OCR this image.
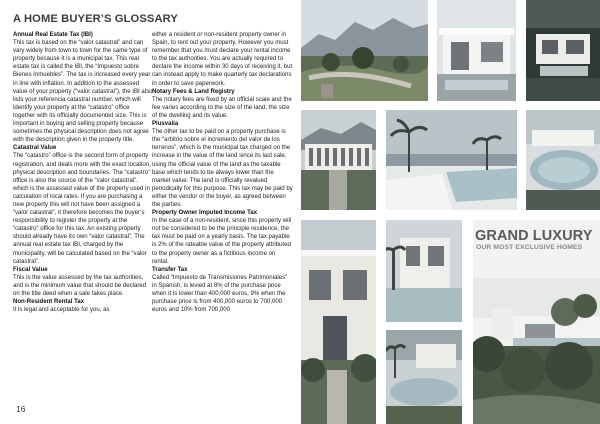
A HOME BUYER’S GLOSSARY
Annual Real Estate Tax (IBI)
This tax is based on the “valor catastral” and can vary widely from town to town for the same type of property because it is a municipal tax. This real estate tax is called the IBI, the “Impuesto sobre Bienes Inmuebles”. The tax is increased every year in line with inflation. In addition to the assessed value of your property (“valor catastral”), the IBI also lists your referencia catastral number, which will identify your property at the “catastro” office together with its officially documented size. This is important in buying and selling property because sometimes the physical description does not agree with the description given in the property title.
Catastral Value
The “catastro” office is the second form of property registration, and deals more with the exact location, physical description and boundaries. The “catastro” office is also the source of the “valor catastral”, which is the assessed value of the property used in calculation of local rates. If you are purchasing a new property this will not have been assigned a “valor catastral”, it therefore becomes the buyer’s responsibility to register the property at the “catastro” office for this tax. An existing property should already have its own “valor catastral”. The annual real estate tax IBI, charged by the municipality, will be calculated based on the “valor catastral”.
Fiscal Value
This is the value assessed by the tax authorities, and is the minimum value that should be declared on the title deed when a sale takes place.
Non-Resident Rental Tax
It is legal and acceptable for you, as
either a resident or non-resident property owner in Spain, to rent out your property. However you must remember that you must declare your rental income to the tax authorities. You are actually required to declare the income within 30 days of receiving it, but can instead apply to make quarterly tax declarations in order to save paperwork.
Notary Fees & Land Registry
The notary fees are fixed by an official scale and the fee varies according to the size of the land, the size of the dwelling and its value.
Plusvalía
The other tax to be paid on a property purchase is the “arbitrio sobre el incremento del valor de los terrenos”, which is the municipal tax charged on the increase in the value of the land since its last sale, using the official value of the land as the taxable base which tends to be always lower than the market value. The land is officially revalued periodically for this purpose. This tax may be paid by either the vendor or the buyer, as agreed between the parties.
Property Owner Imputed Income Tax
In the case of a non-resident, since this property will not be considered to be the principle residence, the tax must be paid on a yearly basis. The tax payable is 2% of the rateable value of the property attributed to the property owner as a fictitious income on rental.
Transfer Tax
Called “Impuesto de Transmisiones Patrimoniales” in Spanish, is levied at 8% of the purchase price when it is lower than 400,000 euros, 9% when the purchase price is from 400,000 euros to 700,000 euros and 10% from 700,000
16
GRAND LUXURY
OUR MOST EXCLUSIVE HOMES
